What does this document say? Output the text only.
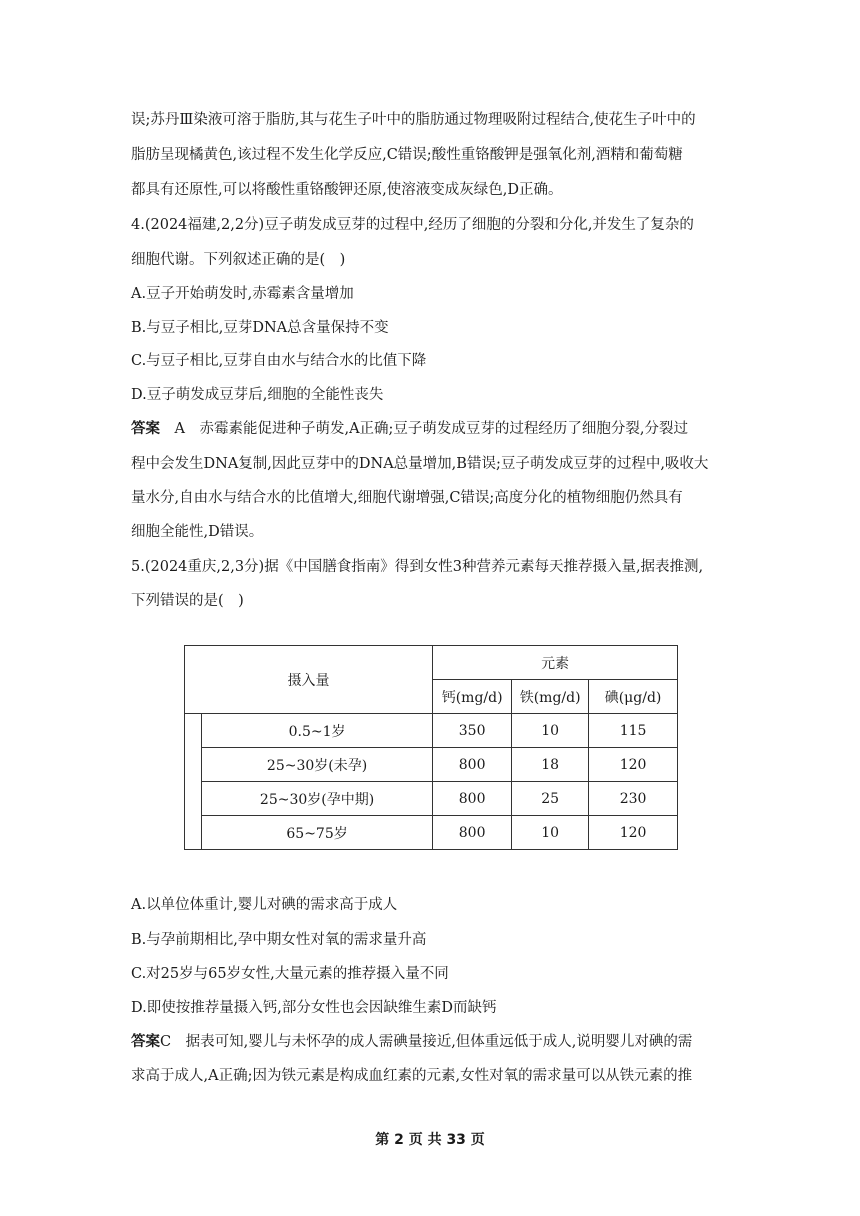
误;苏丹Ⅲ染液可溶于脂肪,其与花生子叶中的脂肪通过物理吸附过程结合,使花生子叶中的
脂肪呈现橘黄色,该过程不发生化学反应,C错误;酸性重铬酸钾是强氧化剂,酒精和葡萄糖
都具有还原性,可以将酸性重铬酸钾还原,使溶液变成灰绿色,D正确。
4.(2024福建,2,2分)豆子萌发成豆芽的过程中,经历了细胞的分裂和分化,并发生了复杂的
细胞代谢。下列叙述正确的是(　)
A.豆子开始萌发时,赤霉素含量增加
B.与豆子相比,豆芽DNA总含量保持不变
C.与豆子相比,豆芽自由水与结合水的比值下降
D.豆子萌发成豆芽后,细胞的全能性丧失
答案　A　赤霉素能促进种子萌发,A正确;豆子萌发成豆芽的过程经历了细胞分裂,分裂过
程中会发生DNA复制,因此豆芽中的DNA总量增加,B错误;豆子萌发成豆芽的过程中,吸收大
量水分,自由水与结合水的比值增大,细胞代谢增强,C错误;高度分化的植物细胞仍然具有
细胞全能性,D错误。
5.(2024重庆,2,3分)据《中国膳食指南》得到女性3种营养元素每天推荐摄入量,据表推测,
下列错误的是(　)
摄入量		元素		
		钙(mg/d)	铁(mg/d)	碘(μg/d)
	0.5~1岁	350	10	115
	25~30岁(未孕)	800	18	120
	25~30岁(孕中期)	800	25	230
	65~75岁	800	10	120
A.以单位体重计,婴儿对碘的需求高于成人
B.与孕前期相比,孕中期女性对氧的需求量升高
C.对25岁与65岁女性,大量元素的推荐摄入量不同
D.即使按推荐量摄入钙,部分女性也会因缺维生素D而缺钙
答案C　据表可知,婴儿与未怀孕的成人需碘量接近,但体重远低于成人,说明婴儿对碘的需
求高于成人,A正确;因为铁元素是构成血红素的元素,女性对氧的需求量可以从铁元素的推
第 2 页 共 33 页
